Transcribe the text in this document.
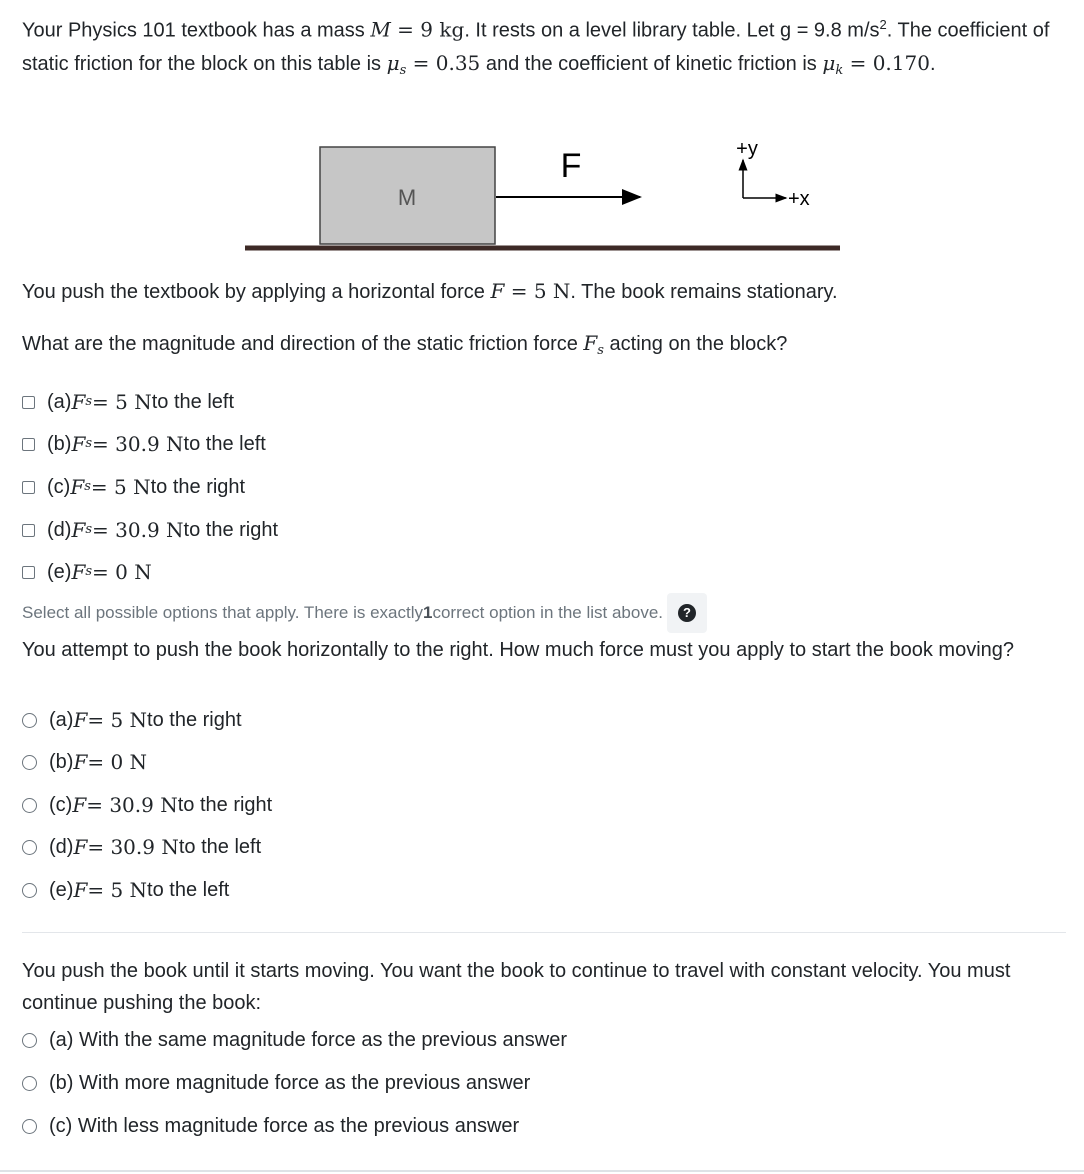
Your Physics 101 textbook has a mass M = 9 kg. It rests on a level library table. Let g = 9.8 $m/s^2$. The coefficient of static friction for the block on this table is $\mu_s = 0.35$ and the coefficient of kinetic friction is $\mu_k = 0.170$.

M
F	+y
+x

You push the textbook by applying a horizontal force F = 5 N. The book remains stationary.

What are the magnitude and direction of the static friction force $F_s$ acting on the block?

(a) F s = 5 N to the left
(b) F s = 30.9 N to the left
(c) F s = 5 N to the right
(d) F s = 30.9 N to the right
(e) F s = 0 N
Select all possible options that apply. There is exactly 1 correct option in the list above.	?

You attempt to push the book horizontally to the right. How much force must you apply to start the book moving?

(a) F = 5 N to the right
(b) F = 0 N
(c) F = 30.9 N to the right
(d) F = 30.9 N to the left
(e) F = 5 N to the left

You push the book until it starts moving. You want the book to continue to travel with constant velocity. You must continue pushing the book:

(a) With the same magnitude force as the previous answer
(b) With more magnitude force as the previous answer
(c) With less magnitude force as the previous answer
